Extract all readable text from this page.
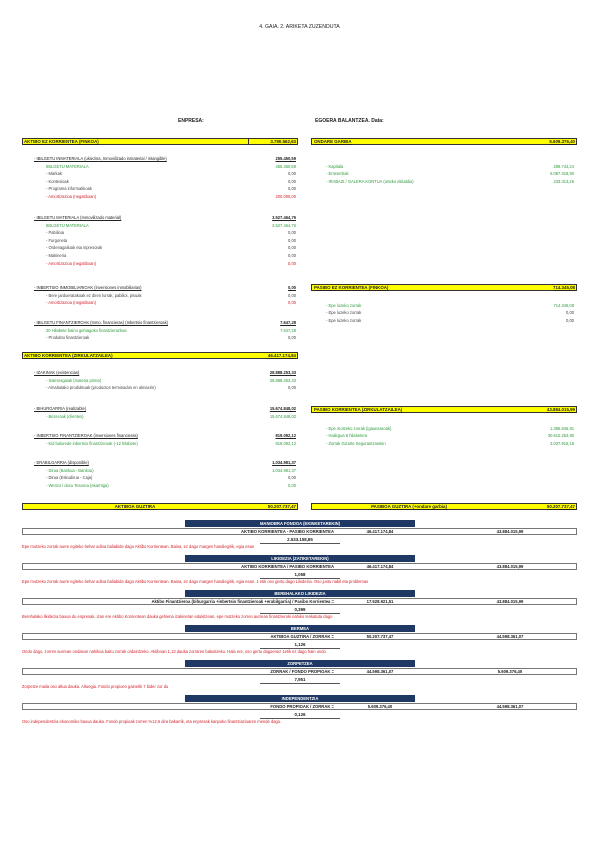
4. GAIA. 2. ARIKETA ZUZENDUTA
ENPRESA:	EGOERA BALANTZEA. Data:
AKTIBO EZ KORRIENTEA (FINKOA)	3.790.562,63
- IBILGETU INMATERIALA (ukiezina, Inmovilizado inmaterial / intangible)	255.450,59
IBILGETU MATERIALA	455.450,59
- Markak	0,00
- Kontesioak	0,00
- Programa informatikoak	0,00
- Amortizazioa (negatiboan)	200.000,00
- IBILGETU MATERIALA (Inmovilizado material)	3.527.464,76
IBILGETU MATERIALA	3.527.464,76
- Pabilioia	0,00
- Furgoneta	0,00
- Ordenagailuak eta inpresorak	0,00
- Makineria	0,00
- Amortizazioa (negatiboan)	0,00
- INBERTSIO INMOBILIARIOAK (inversiones inmobiliarias)	0,00
- Bere jardueratakoak ez diren lurrak, pabilioi, pisuak	0,00
- Amortizazioa (negatiboan)	0,00
- IBILGETU FINANTZIEROAK (Inmo. financieras) (Inbertsio finantzieroak)	7.647,28
20 Hilabete baino gehiagoko finantzierazkoa	7.647,28
- Produktu finantzieroak	0,00
- IZAKINAK (existencias)	28.888.253,33
- Salerosgaiak (materia prima)	28.888.253,33
- Amaitutako produktuak (productos terminados en almacén)	0,00
- BIHURGARRIA (realizable)	15.674.848,02
- Bezeroak (clientes)	15.674.848,02
- INBERTSIO FINANTZIEROAK (inversiones financieras)	819.092,12
- Kid balorede inbertsio finantzieroak (-12 hilabete)	819.092,12
- ERABILGARRIA (disponible)	1.034.981,37
- Dirua (Bankua - Bankoa)	1.034.981,37
- Dirua (Eskudirua - Caja)	0,00
- Wenzo i docu Tesorea (ekarrtiga)	0,00
ONDARE GARBIA	5.609.376,40
- Kapitala	288.744,24
- Erreserbak	5.087.318,90
- IRABAZI / GALERA KONTUA (urteko ekitaldia)	233.313,26
- Epe luzeko zorrak	714.345,08
- Epe luzeko zorrak	0,00
- Epe luzeko zorrak	0,00
- Epe motzeko zorrak (igaunaraoak)	1.395.846,91
- Hailegua 8 hilabetera	30.610.253,90
- Zorrak Gizarte Segurantzarekin	3.037.915,18
AKTIBO KORRIENTEA (ZIRKULATZAILEA)	46.417.174,84
PASIBO EZ KORRIENTEA (FINKOA)	714.345,08
PASIBO KORRIENTEA (ZIRKULATZAILEA)	43.884.015,99
AKTIBOA GUZTIRA	50.207.737,47	PASIBOA GUZTIRA (+ondare garbia)	50.207.737,47
MANIOBRA FONDOA (EKINKETAREKIN)
AKTIBO KORRIENTEA - PASIBO KORRIENTEA	46.417.174,84	43.884.015,99
2.533.158,85
Epe motzeko zorrak aurre egiteko behar adina baliabide dago Aktibo Korrientean. Baina, ez dago margen handiegirik, egia esan
LIKIDEZIA (ZATIKETAREKIN)
AKTIBO KORRIENTEA / PASIBO KORRIENTEA	46.417.174,84	43.884.015,99
1,058
Epe motzeko zorrak aurre egiteko behar adina baliabide dago Aktibo Korrientean. Baina, ez dago margen handiegirik, egia esan. 1 etik oso gertu dago Likidezia. Oso justu nabil eta problemas
BEREHALAKO LIKIDEZIA
Aktibo Finantzieroa (bihurgarria +inbertsio finantzieroak +erabilgarria) / Pasibo Korrientea =	17.528.921,51	43.884.015,99
0,399
Berehalako likidezia baxua du enpresak, izan ere Aktibo Korrientean dauka gehiena izakinetan edukitzean, epe motzeko zorren aurrean finantzieroki nahiko tenkatuta dago
BERMEA
AKTIBOA GUZTIRA / ZORRAK =	50.207.737,47	44.598.361,07
1,126
Ondo dago, zorren aurrean ondasun nahikoa baitu zorrak ordaintzeko. Aktiboan 1,13 dauka zorraren bakoitzeko. Hala ere, oso gertu dagoenez 1etik ez dago hain ondo
ZORPETZEA
ZORRAK / FONDO PROPIOAK =	44.598.361,07	5.609.376,40
7,951
Zorpetze maila oso altua dauka. Altuegia. Fondo propioen gainetik 7 bider zor du
INDEPENDENTZIA
FONDO PROPIOAK / ZORRAK =	5.609.376,40	44.598.361,07
0,126
Oso independentzia ekonomiko baxua dauka. Fondo propioak zorren %12,6 dira bakarrik, eta enpresak kanpoko finantziazioaren mende dago.
